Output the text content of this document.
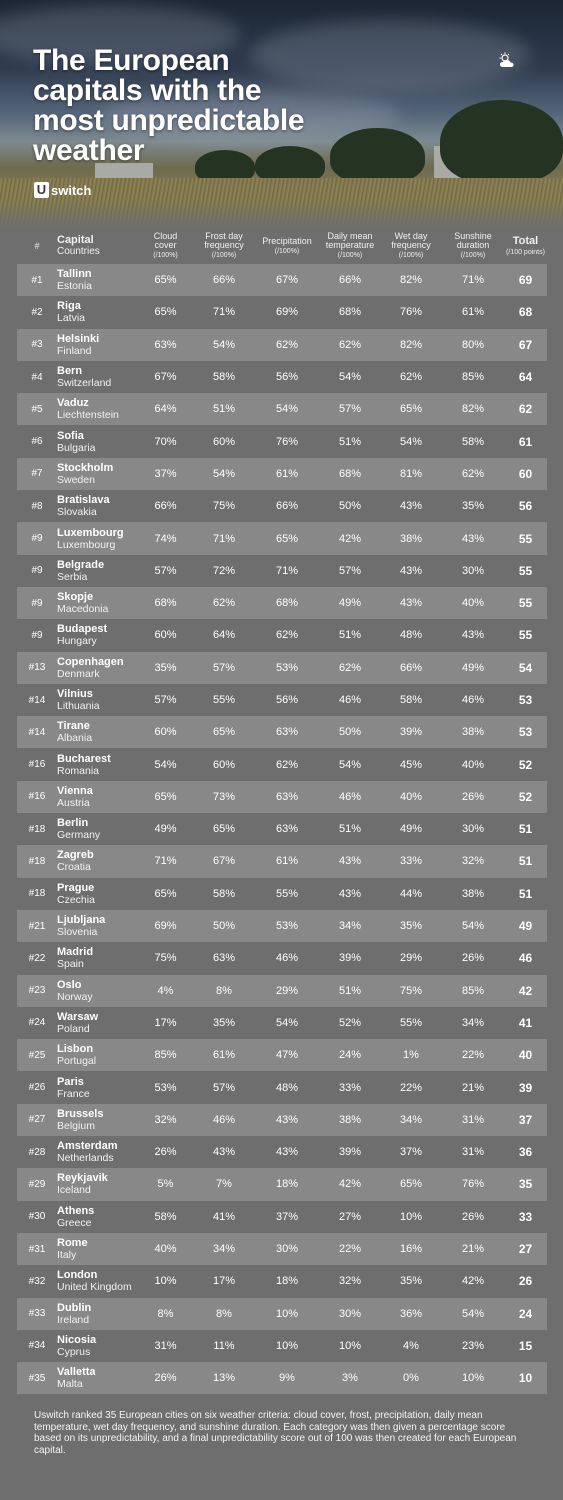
The European
capitals with the
most unpredictable
weather
U switch
#	Capital
Countries	Cloud
cover
(/100%)	Frost day
frequency
(/100%)	Precipitation
(/100%)	Daily mean
temperature
(/100%)	Wet day
frequency
(/100%)	Sunshine
duration
(/100%)	Total
(/100 points)

#1	Tallinn
Estonia	65%	66%	67%	66%	82%	71%	69
#2	Riga
Latvia	65%	71%	69%	68%	76%	61%	68
#3	Helsinki
Finland	63%	54%	62%	62%	82%	80%	67
#4	Bern
Switzerland	67%	58%	56%	54%	62%	85%	64
#5	Vaduz
Liechtenstein	64%	51%	54%	57%	65%	82%	62
#6	Sofia
Bulgaria	70%	60%	76%	51%	54%	58%	61
#7	Stockholm
Sweden	37%	54%	61%	68%	81%	62%	60
#8	Bratislava
Slovakia	66%	75%	66%	50%	43%	35%	56
#9	Luxembourg
Luxembourg	74%	71%	65%	42%	38%	43%	55
#9	Belgrade
Serbia	57%	72%	71%	57%	43%	30%	55
#9	Skopje
Macedonia	68%	62%	68%	49%	43%	40%	55
#9	Budapest
Hungary	60%	64%	62%	51%	48%	43%	55
#13	Copenhagen
Denmark	35%	57%	53%	62%	66%	49%	54
#14	Vilnius
Lithuania	57%	55%	56%	46%	58%	46%	53
#14	Tirane
Albania	60%	65%	63%	50%	39%	38%	53
#16	Bucharest
Romania	54%	60%	62%	54%	45%	40%	52
#16	Vienna
Austria	65%	73%	63%	46%	40%	26%	52
#18	Berlin
Germany	49%	65%	63%	51%	49%	30%	51
#18	Zagreb
Croatia	71%	67%	61%	43%	33%	32%	51
#18	Prague
Czechia	65%	58%	55%	43%	44%	38%	51
#21	Ljubljana
Slovenia	69%	50%	53%	34%	35%	54%	49
#22	Madrid
Spain	75%	63%	46%	39%	29%	26%	46
#23	Oslo
Norway	4%	8%	29%	51%	75%	85%	42
#24	Warsaw
Poland	17%	35%	54%	52%	55%	34%	41
#25	Lisbon
Portugal	85%	61%	47%	24%	1%	22%	40
#26	Paris
France	53%	57%	48%	33%	22%	21%	39
#27	Brussels
Belgium	32%	46%	43%	38%	34%	31%	37
#28	Amsterdam
Netherlands	26%	43%	43%	39%	37%	31%	36
#29	Reykjavik
Iceland	5%	7%	18%	42%	65%	76%	35
#30	Athens
Greece	58%	41%	37%	27%	10%	26%	33
#31	Rome
Italy	40%	34%	30%	22%	16%	21%	27
#32	London
United Kingdom	10%	17%	18%	32%	35%	42%	26
#33	Dublin
Ireland	8%	8%	10%	30%	36%	54%	24
#34	Nicosia
Cyprus	31%	11%	10%	10%	4%	23%	15
#35	Valletta
Malta	26%	13%	9%	3%	0%	10%	10

Uswitch ranked 35 European cities on six weather criteria: cloud cover, frost, precipitation, daily mean temperature, wet day frequency, and sunshine duration. Each category was then given a percentage score based on its unpredictability, and a final unpredictability score out of 100 was then created for each European capital.
